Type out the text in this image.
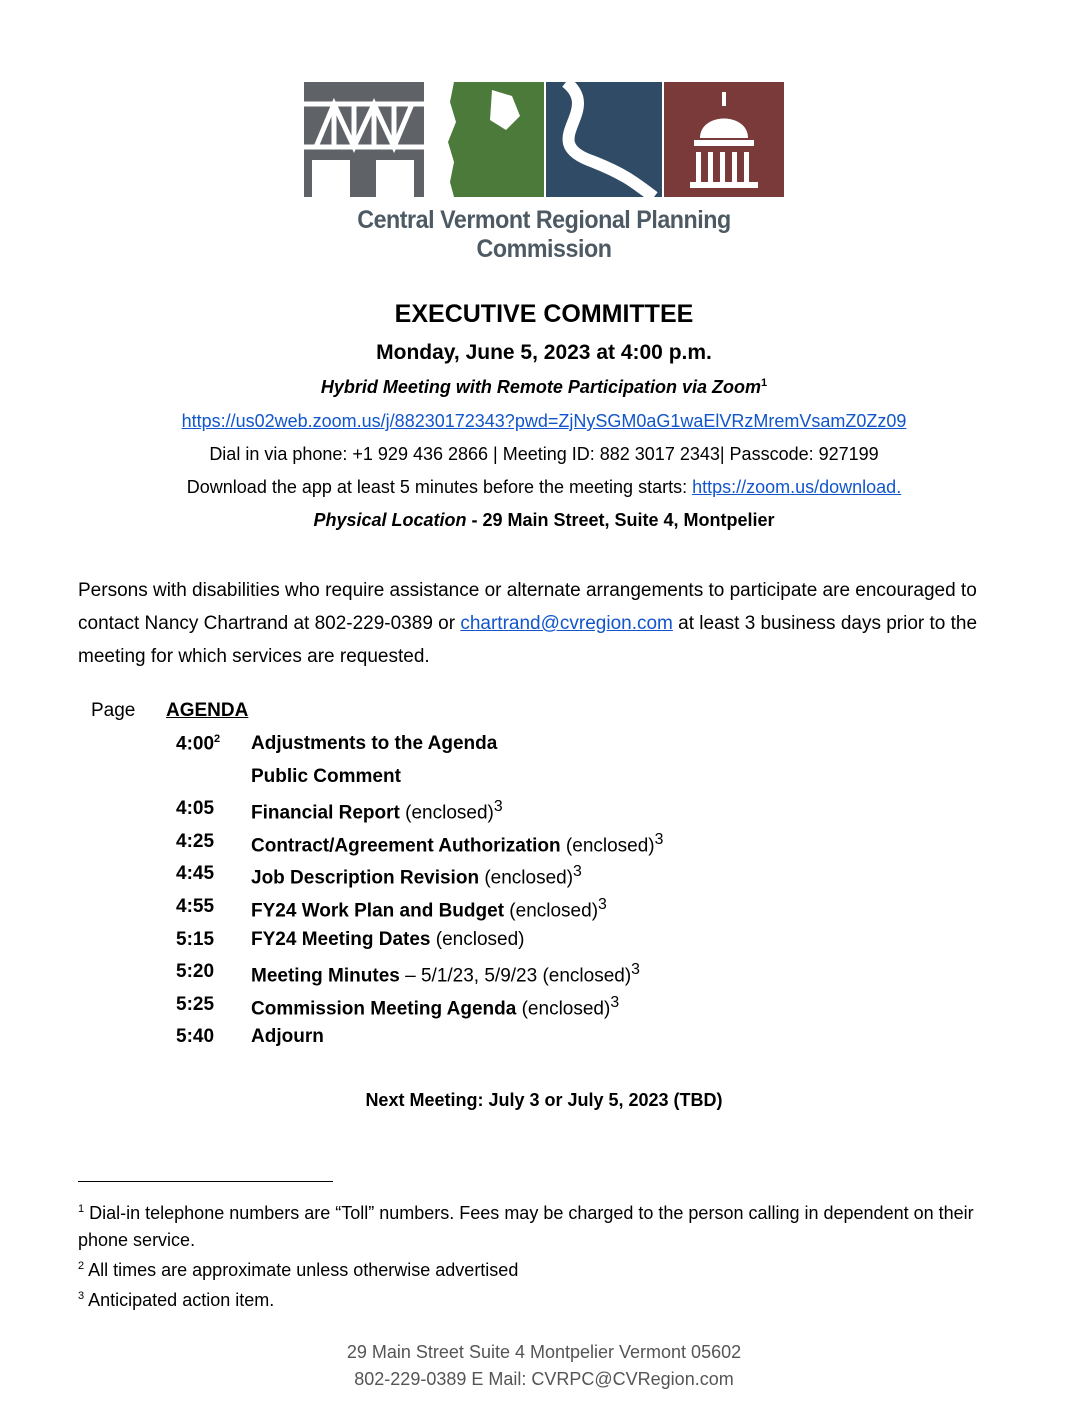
Central Vermont Regional Planning Commission
EXECUTIVE COMMITTEE
Monday, June 5, 2023 at 4:00 p.m.
Hybrid Meeting with Remote Participation via Zoom$^1$
https://us02web.zoom.us/j/88230172343?pwd=ZjNySGM0aG1waElVRzMremVsamZ0Zz09
Dial in via phone: +1 929 436 2866 | Meeting ID: 882 3017 2343| Passcode: 927199
Download the app at least 5 minutes before the meeting starts: https://zoom.us/download.
Physical Location - 29 Main Street, Suite 4, Montpelier
Persons with disabilities who require assistance or alternate arrangements to participate are encouraged to contact Nancy Chartrand at 802-229-0389 or chartrand@cvregion.com at least 3 business days prior to the meeting for which services are requested.
Page AGENDA
$4:00^2$ Adjustments to the Agenda
Public Comment
4:05 Financial Report (enclosed)$^3$
4:25 Contract/Agreement Authorization (enclosed)$^3$
4:45 Job Description Revision (enclosed)$^3$
4:55 FY24 Work Plan and Budget (enclosed)$^3$
5:15 FY24 Meeting Dates (enclosed)
5:20 Meeting Minutes – 5/1/23, 5/9/23 (enclosed)$^3$
5:25 Commission Meeting Agenda (enclosed)$^3$
5:40 Adjourn
Next Meeting: July 3 or July 5, 2023 (TBD)
$^1$ Dial-in telephone numbers are “Toll” numbers. Fees may be charged to the person calling in dependent on their phone service.
$^2$ All times are approximate unless otherwise advertised
$^3$ Anticipated action item.
29 Main Street Suite 4 Montpelier Vermont 05602
802-229-0389 E Mail: CVRPC@CVRegion.com
